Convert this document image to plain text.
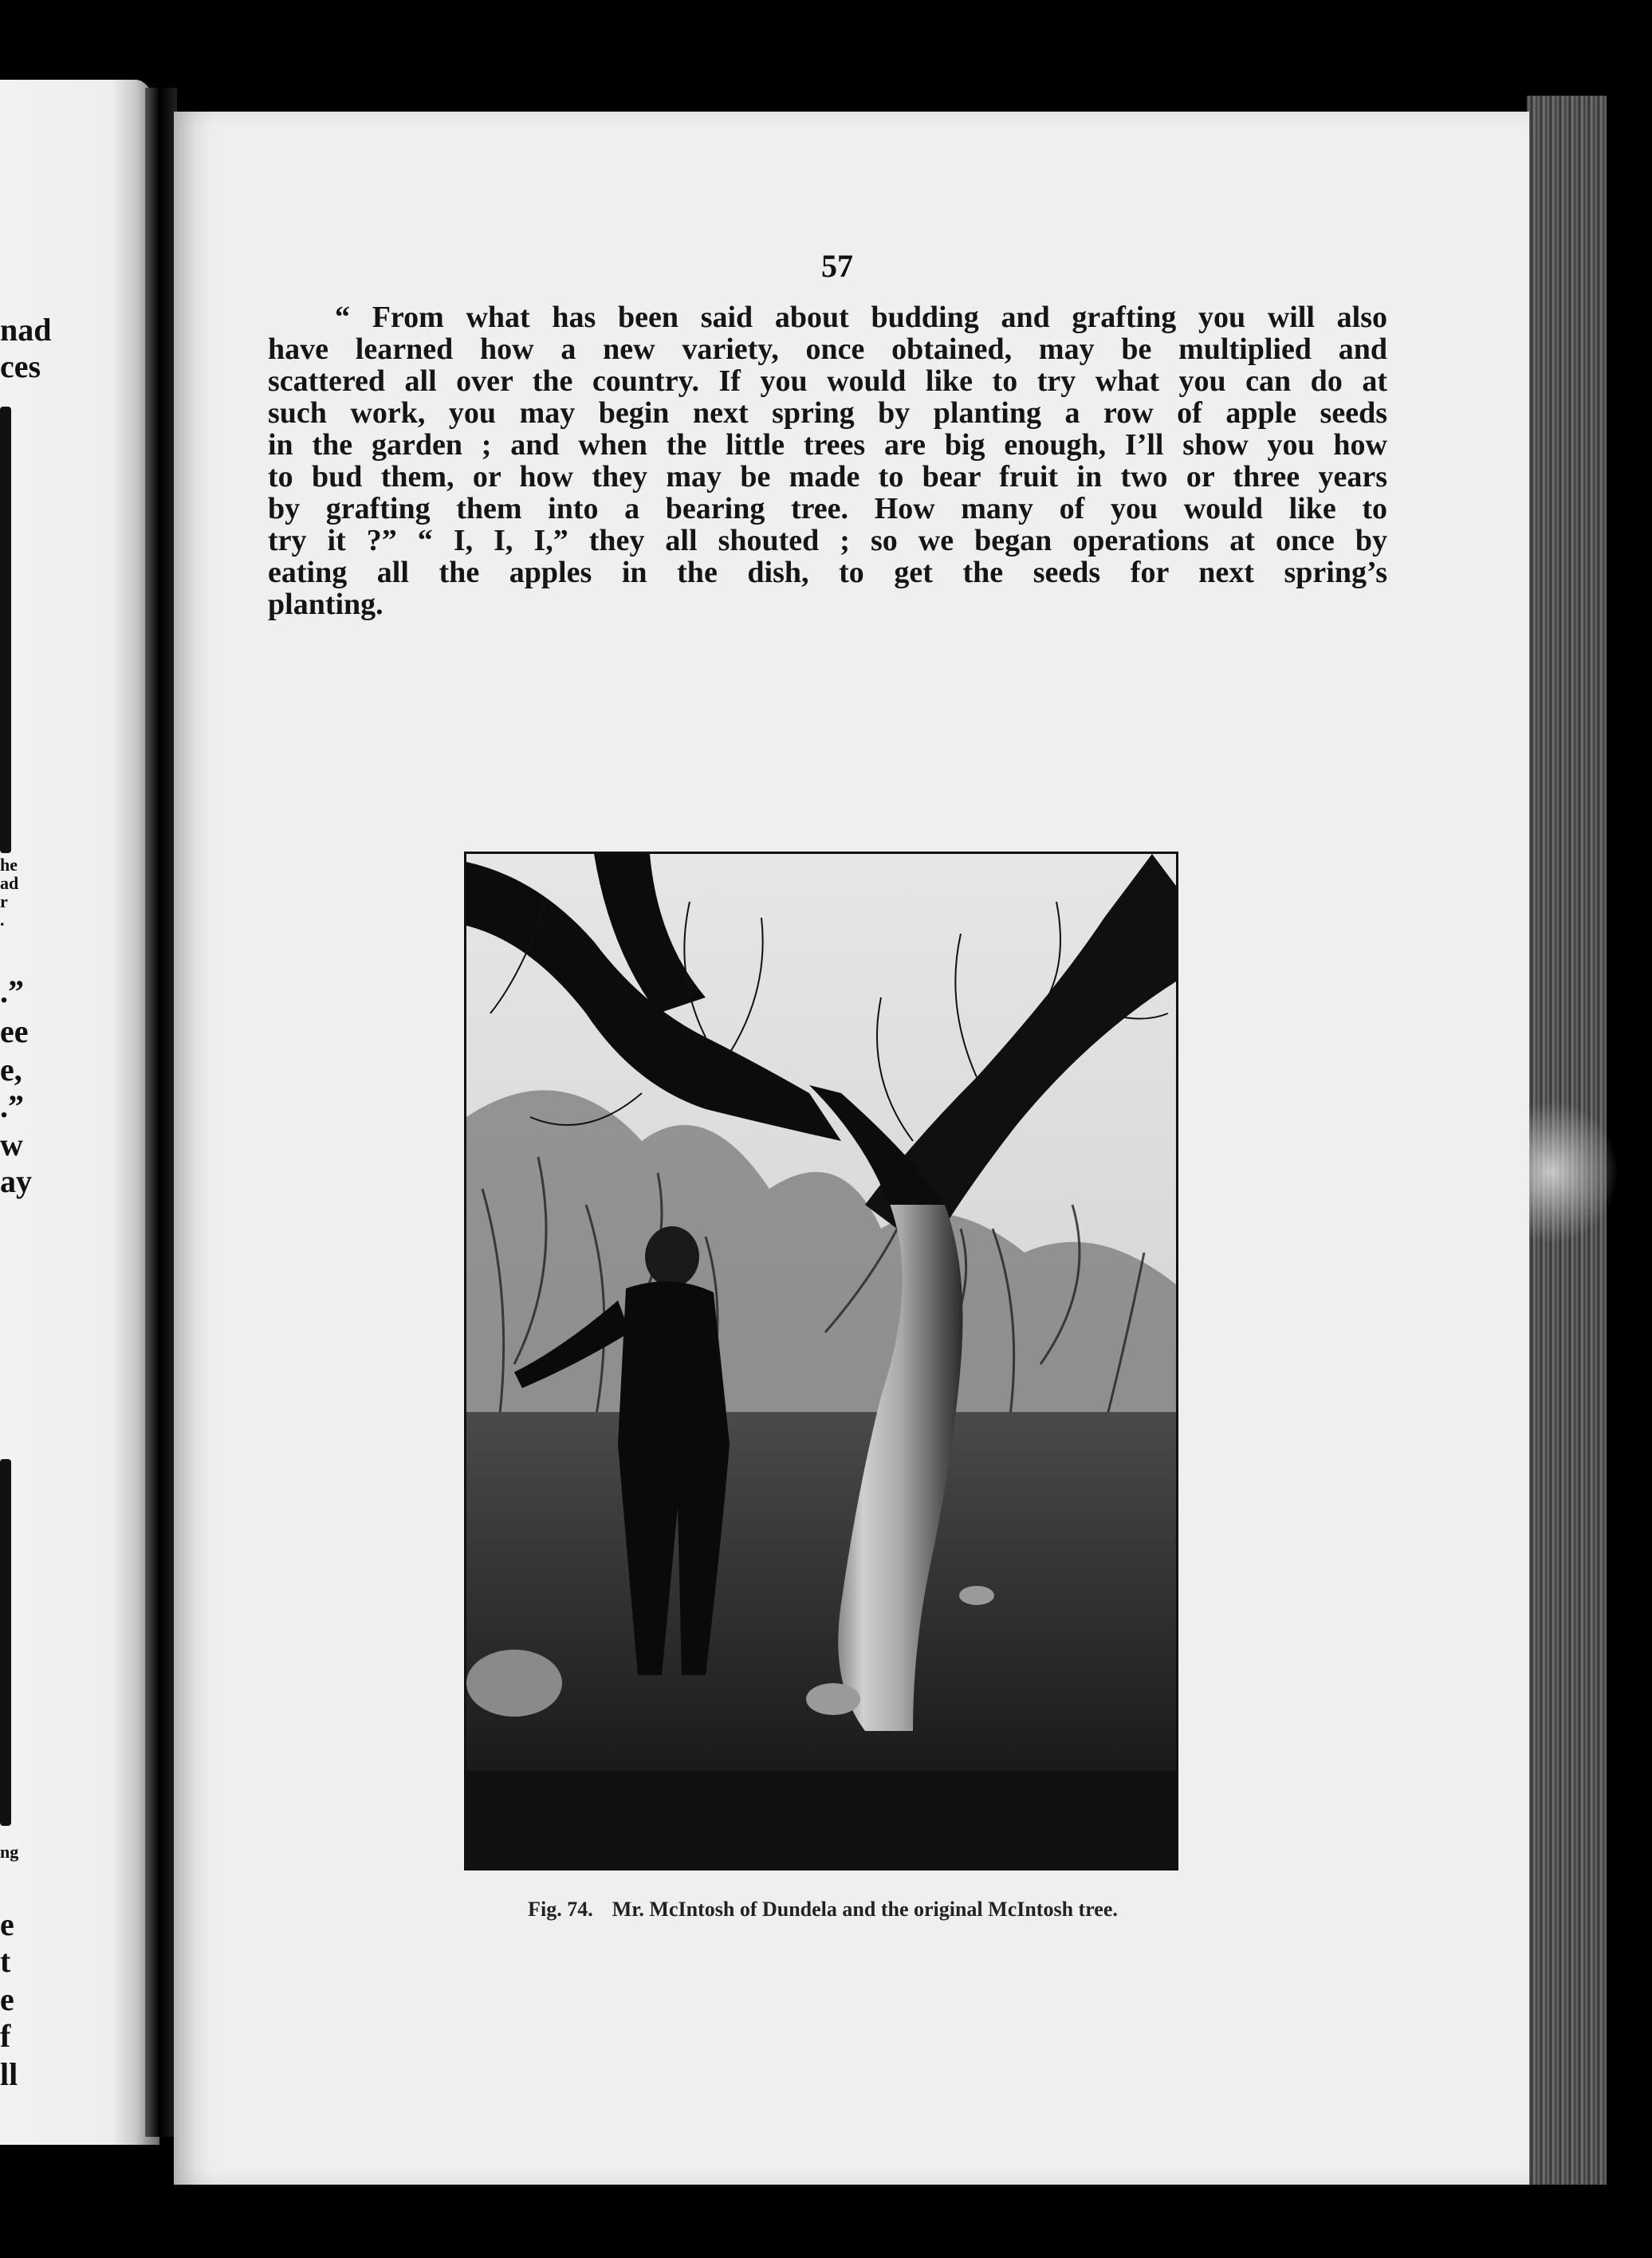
nad
ces
he
ad
r
.
.”
ee
e,
.”
w
ay
ng
e
t
e
f
ll
57
“ From what has been said about budding and grafting you will also
have learned how a new variety, once obtained, may be multiplied and
scattered all over the country. If you would like to try what you can do at
such work, you may begin next spring by planting a row of apple seeds
in the garden ; and when the little trees are big enough, I’ll show you how
to bud them, or how they may be made to bear fruit in two or three years
by grafting them into a bearing tree. How many of you would like to
try it ?” “ I, I, I,” they all shouted ; so we began operations at once by
eating all the apples in the dish, to get the seeds for next spring’s
planting.
Fig. 74. Mr. McIntosh of Dundela and the original McIntosh tree.
